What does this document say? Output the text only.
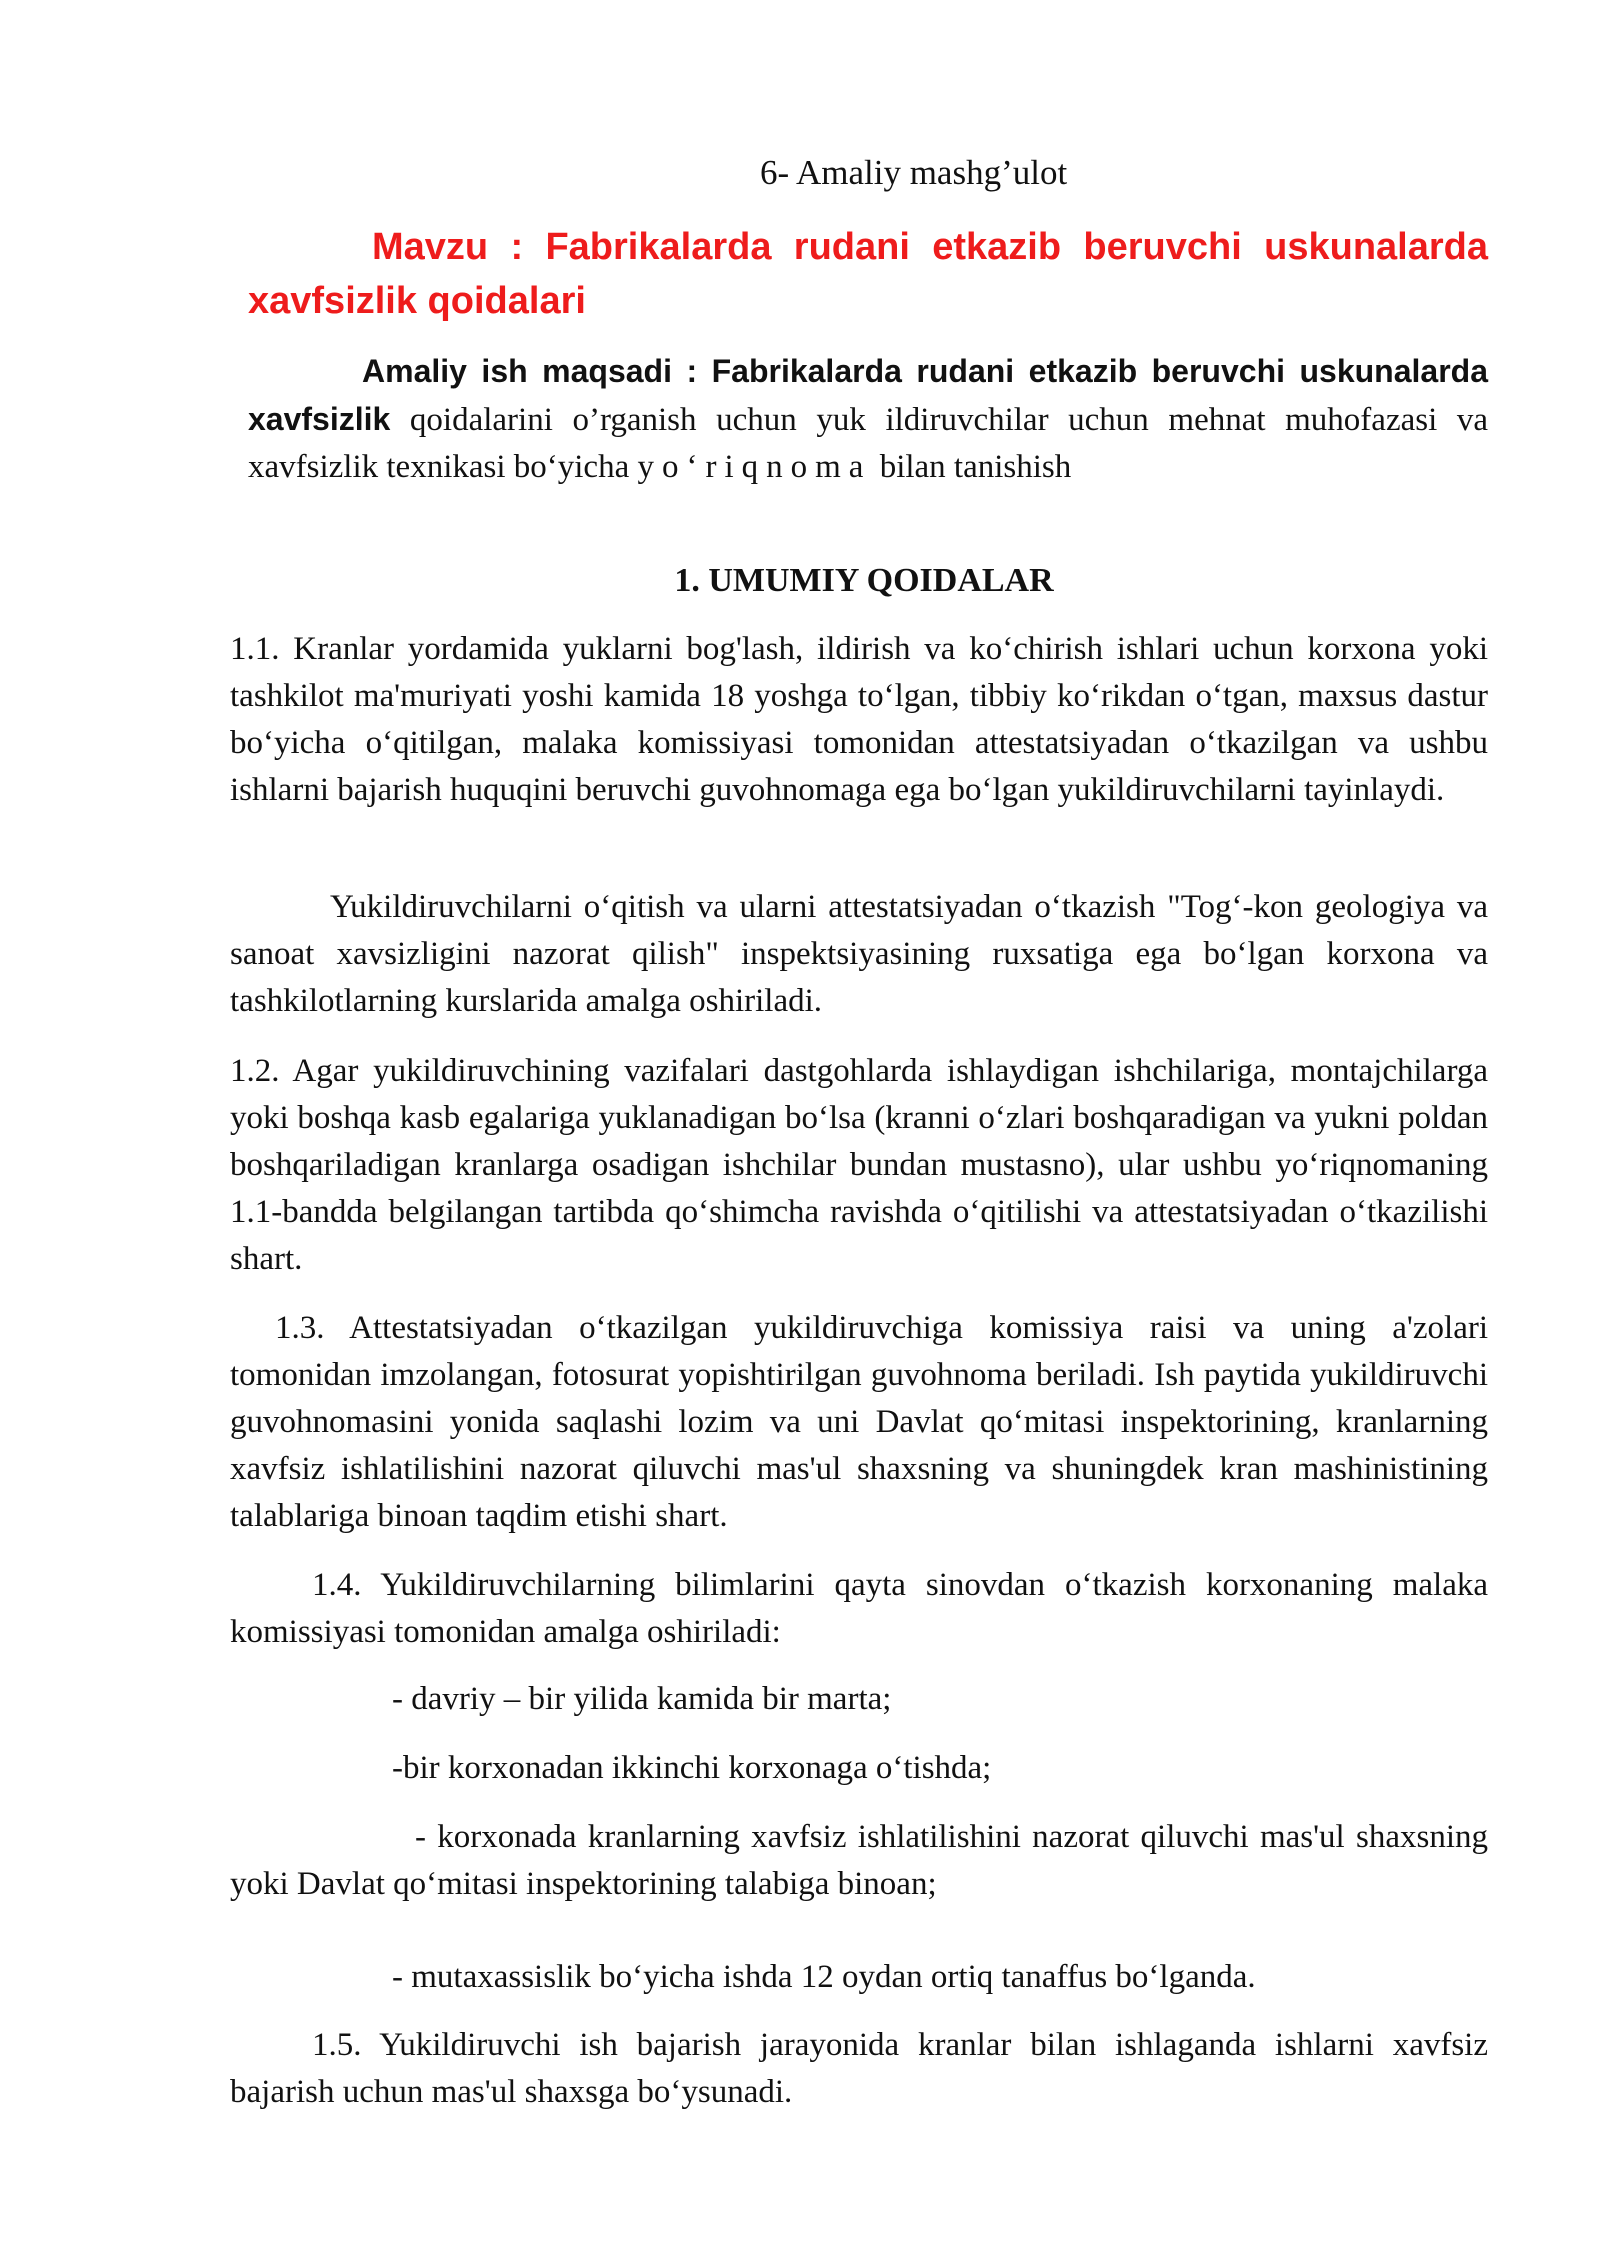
6- Amaliy mashg’ulot
Mavzu : Fabrikalarda rudani etkazib beruvchi uskunalarda xavfsizlik qoidalari
Amaliy ish maqsadi : Fabrikalarda rudani etkazib beruvchi uskunalarda xavfsizlik qoidalarini o’rganish uchun yuk ildiruvchilar uchun mehnat muhofazasi va xavfsizlik texnikasi bo‘yicha yo‘riqnoma bilan tanishish
1. UMUMIY QOIDALAR

1.1. Kranlar yordamida yuklarni bog'lash, ildirish va ko‘chirish ishlari uchun korxona yoki tashkilot ma'muriyati yoshi kamida 18 yoshga to‘lgan, tibbiy ko‘rikdan o‘tgan, maxsus dastur bo‘yicha o‘qitilgan, malaka komissiyasi tomonidan attestatsiyadan o‘tkazilgan va ushbu ishlarni bajarish huquqini beruvchi guvohnomaga ega bo‘lgan yukildiruvchilarni tayinlaydi.

Yukildiruvchilarni o‘qitish va ularni attestatsiyadan o‘tkazish "Tog‘-kon geologiya va sanoat xavsizligini nazorat qilish" inspektsiyasining ruxsatiga ega bo‘lgan korxona va tashkilotlarning kurslarida amalga oshiriladi.

1.2. Agar yukildiruvchining vazifalari dastgohlarda ishlaydigan ishchilariga, montajchilarga yoki boshqa kasb egalariga yuklanadigan bo‘lsa (kranni o‘zlari boshqaradigan va yukni poldan boshqariladigan kranlarga osadigan ishchilar bundan mustasno), ular ushbu yo‘riqnomaning 1.1-bandda belgilangan tartibda qo‘shimcha ravishda o‘qitilishi va attestatsiyadan o‘tkazilishi shart.

1.3. Attestatsiyadan o‘tkazilgan yukildiruvchiga komissiya raisi va uning a'zolari tomonidan imzolangan, fotosurat yopishtirilgan guvohnoma beriladi. Ish paytida yukildiruvchi guvohnomasini yonida saqlashi lozim va uni Davlat qo‘mitasi inspektorining, kranlarning xavfsiz ishlatilishini nazorat qiluvchi mas'ul shaxsning va shuningdek kran mashinistining talablariga binoan taqdim etishi shart.

1.4. Yukildiruvchilarning bilimlarini qayta sinovdan o‘tkazish korxonaning malaka komissiyasi tomonidan amalga oshiriladi:

- davriy – bir yilida kamida bir marta;

-bir korxonadan ikkinchi korxonaga o‘tishda;

- korxonada kranlarning xavfsiz ishlatilishini nazorat qiluvchi mas'ul shaxsning yoki Davlat qo‘mitasi inspektorining talabiga binoan;

- mutaxassislik bo‘yicha ishda 12 oydan ortiq tanaffus bo‘lganda.

1.5. Yukildiruvchi ish bajarish jarayonida kranlar bilan ishlaganda ishlarni xavfsiz bajarish uchun mas'ul shaxsga bo‘ysunadi.
